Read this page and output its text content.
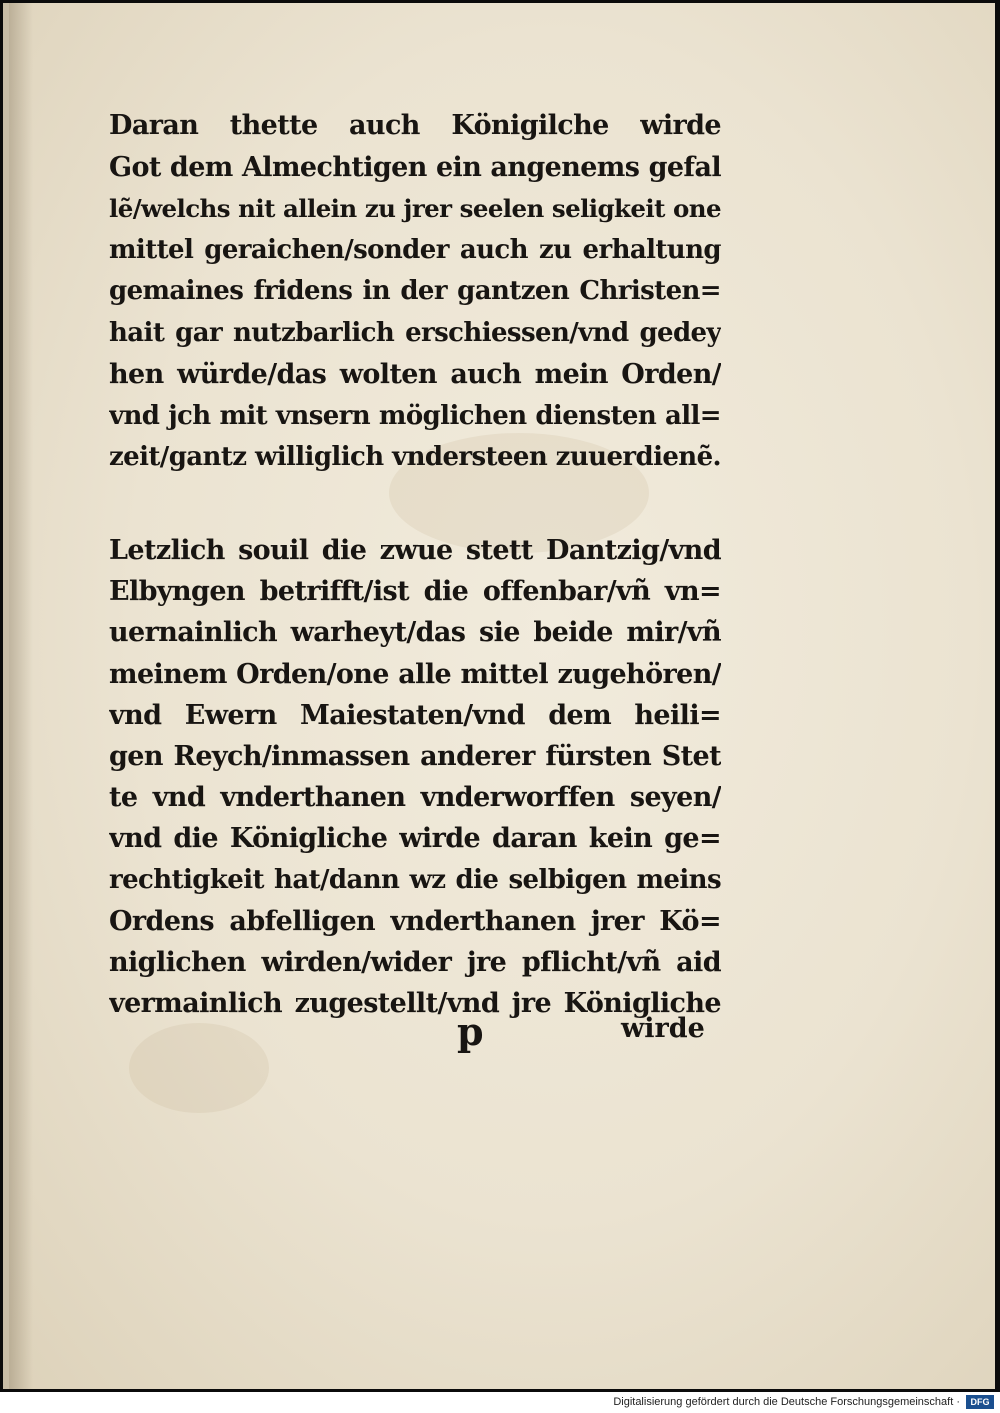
Daran thette auch Königilche wirde
Got dem Almechtigen ein angenems gefal
lẽ/welchs nit allein zu jrer seelen seligkeit one
mittel geraichen/sonder auch zu erhaltung
gemaines fridens in der gantzen Christen=
hait gar nutzbarlich erschiessen/vnd gedey
hen würde/das wolten auch mein Orden/
vnd jch mit vnsern möglichen diensten all=
zeit/gantz williglich vndersteen zuuerdienẽ.
Letzlich souil die zwue stett Dantzig/vnd
Elbyngen betrifft/ist die offenbar/vñ vn=
uernainlich warheyt/das sie beide mir/vñ
meinem Orden/one alle mittel zugehören/
vnd Ewern Maiestaten/vnd dem heili=
gen Reych/inmassen anderer fürsten Stet
te vnd vnderthanen vnderworffen seyen/
vnd die Königliche wirde daran kein ge=
rechtigkeit hat/dann wz die selbigen meins
Ordens abfelligen vnderthanen jrer Kö=
niglichen wirden/wider jre pflicht/vñ aid
vermainlich zugestellt/vnd jre Königliche
p	wirde
Digitalisierung gefördert durch die Deutsche Forschungsgemeinschaft ·	DFG
